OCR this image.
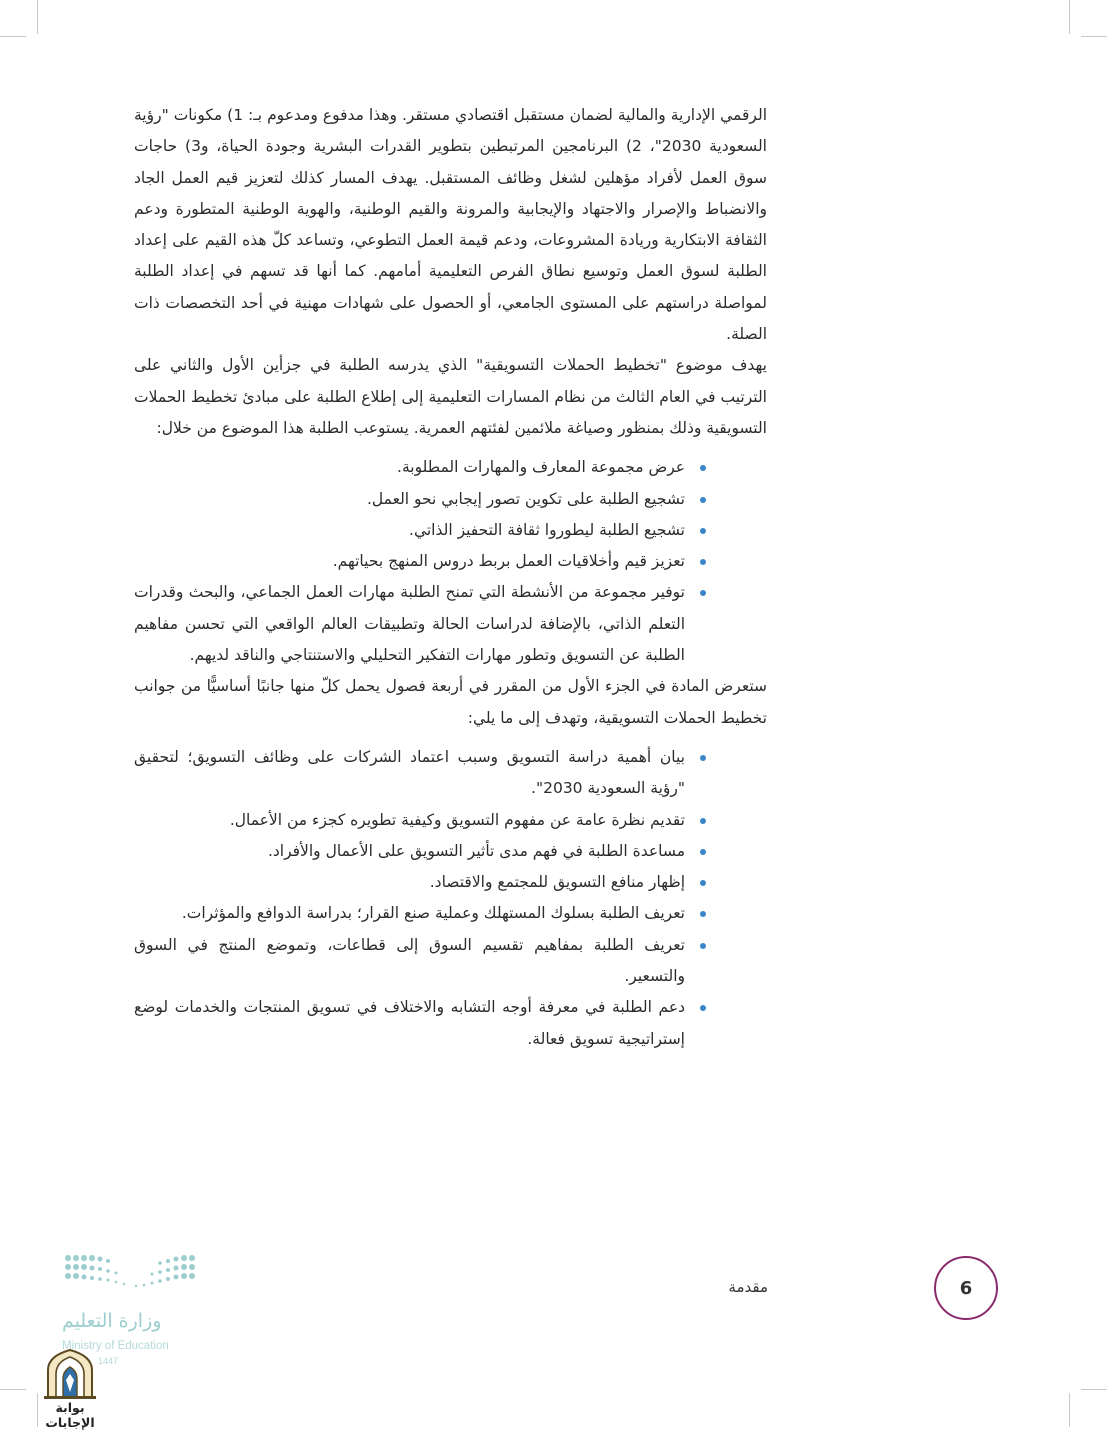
الرقمي الإدارية والمالية لضمان مستقبل اقتصادي مستقر. وهذا مدفوع ومدعوم بـ: 1) مكونات "رؤية السعودية 2030"، 2) البرنامجين المرتبطين بتطوير القدرات البشرية وجودة الحياة، و3) حاجات سوق العمل لأفراد مؤهلين لشغل وظائف المستقبل. يهدف المسار كذلك لتعزيز قيم العمل الجاد والانضباط والإصرار والاجتهاد والإيجابية والمرونة والقيم الوطنية، والهوية الوطنية المتطورة ودعم الثقافة الابتكارية وريادة المشروعات، ودعم قيمة العمل التطوعي، وتساعد كلّ هذه القيم على إعداد الطلبة لسوق العمل وتوسيع نطاق الفرص التعليمية أمامهم. كما أنها قد تسهم في إعداد الطلبة لمواصلة دراستهم على المستوى الجامعي، أو الحصول على شهادات مهنية في أحد التخصصات ذات الصلة.

يهدف موضوع "تخطيط الحملات التسويقية" الذي يدرسه الطلبة في جزأين الأول والثاني على الترتيب في العام الثالث من نظام المسارات التعليمية إلى إطلاع الطلبة على مبادئ تخطيط الحملات التسويقية وذلك بمنظور وصياغة ملائمين لفئتهم العمرية. يستوعب الطلبة هذا الموضوع من خلال:

عرض مجموعة المعارف والمهارات المطلوبة.
تشجيع الطلبة على تكوين تصور إيجابي نحو العمل.
تشجيع الطلبة ليطوروا ثقافة التحفيز الذاتي.
تعزيز قيم وأخلاقيات العمل بربط دروس المنهج بحياتهم.
توفير مجموعة من الأنشطة التي تمنح الطلبة مهارات العمل الجماعي، والبحث وقدرات التعلم الذاتي، بالإضافة لدراسات الحالة وتطبيقات العالم الواقعي التي تحسن مفاهيم الطلبة عن التسويق وتطور مهارات التفكير التحليلي والاستنتاجي والناقد لديهم.

ستعرض المادة في الجزء الأول من المقرر في أربعة فصول يحمل كلّ منها جانبًا أساسيًّا من جوانب تخطيط الحملات التسويقية، وتهدف إلى ما يلي:

بيان أهمية دراسة التسويق وسبب اعتماد الشركات على وظائف التسويق؛ لتحقيق "رؤية السعودية 2030".
تقديم نظرة عامة عن مفهوم التسويق وكيفية تطويره كجزء من الأعمال.
مساعدة الطلبة في فهم مدى تأثير التسويق على الأعمال والأفراد.
إظهار منافع التسويق للمجتمع والاقتصاد.
تعريف الطلبة بسلوك المستهلك وعملية صنع القرار؛ بدراسة الدوافع والمؤثرات.
تعريف الطلبة بمفاهيم تقسيم السوق إلى قطاعات، وتموضع المنتج في السوق والتسعير.
دعم الطلبة في معرفة أوجه التشابه والاختلاف في تسويق المنتجات والخدمات لوضع إستراتيجية تسويق فعالة.
6
مقدمة
وزارة التعليم
Ministry of Education
1447
بوابة الإجابات
